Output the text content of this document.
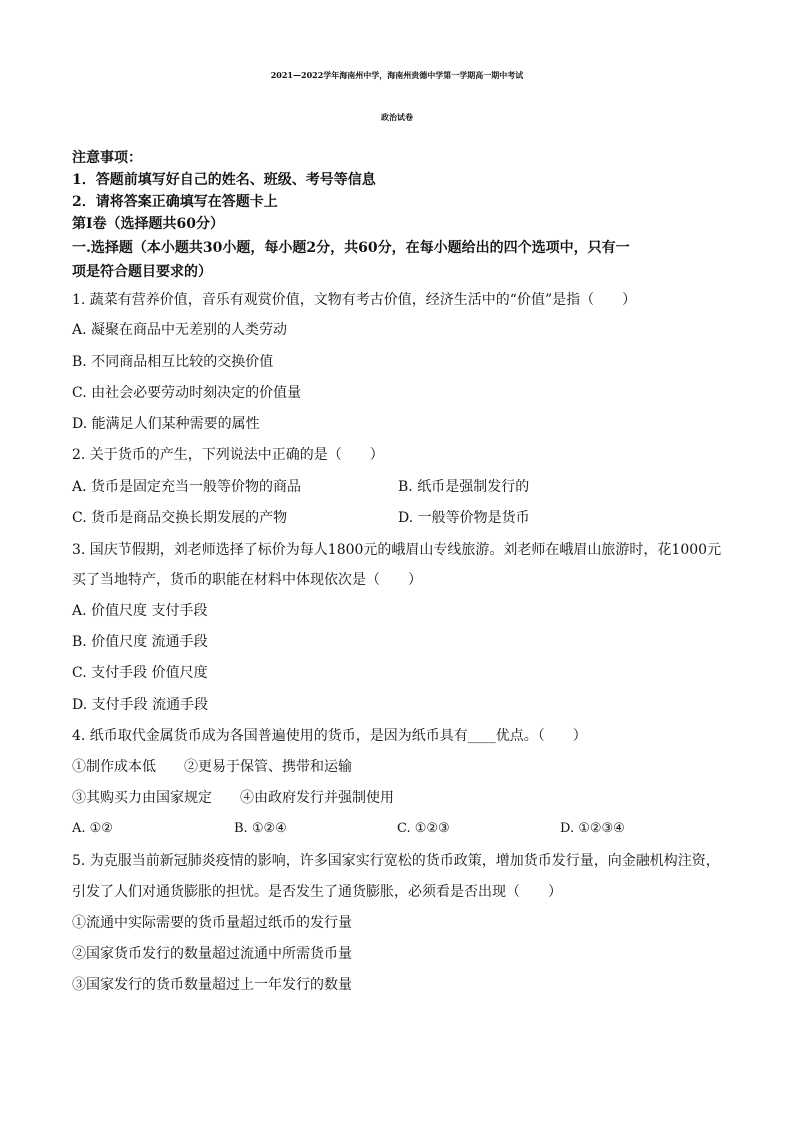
2021—2022学年海南州中学，海南州贵德中学第一学期高一期中考试
政治试卷
注意事项：
1．答题前填写好自己的姓名、班级、考号等信息
2．请将答案正确填写在答题卡上
第Ⅰ卷（选择题共60分）
一.选择题（本小题共30小题，每小题2分，共60分，在每小题给出的四个选项中，只有一
项是符合题目要求的）
1. 蔬菜有营养价值，音乐有观赏价值，文物有考古价值，经济生活中的“价值”是指（　　）
A. 凝聚在商品中无差别的人类劳动
B. 不同商品相互比较的交换价值
C. 由社会必要劳动时刻决定的价值量
D. 能满足人们某种需要的属性
2. 关于货币的产生，下列说法中正确的是（　　）
A. 货币是固定充当一般等价物的商品	B. 纸币是强制发行的
C. 货币是商品交换长期发展的产物	D. 一般等价物是货币
3. 国庆节假期，刘老师选择了标价为每人1800元的峨眉山专线旅游。刘老师在峨眉山旅游时，花1000元
买了当地特产，货币的职能在材料中体现依次是（　　）
A. 价值尺度 支付手段
B. 价值尺度 流通手段
C. 支付手段 价值尺度
D. 支付手段 流通手段
4. 纸币取代金属货币成为各国普遍使用的货币，是因为纸币具有____优点。（　　）
①制作成本低　　②更易于保管、携带和运输
③其购买力由国家规定　　④由政府发行并强制使用
A. ①②	B. ①②④	C. ①②③	D. ①②③④
5. 为克服当前新冠肺炎疫情的影响，许多国家实行宽松的货币政策，增加货币发行量，向金融机构注资，
引发了人们对通货膨胀的担忧。是否发生了通货膨胀，必须看是否出现（　　）
①流通中实际需要的货币量超过纸币的发行量
②国家货币发行的数量超过流通中所需货币量
③国家发行的货币数量超过上一年发行的数量
